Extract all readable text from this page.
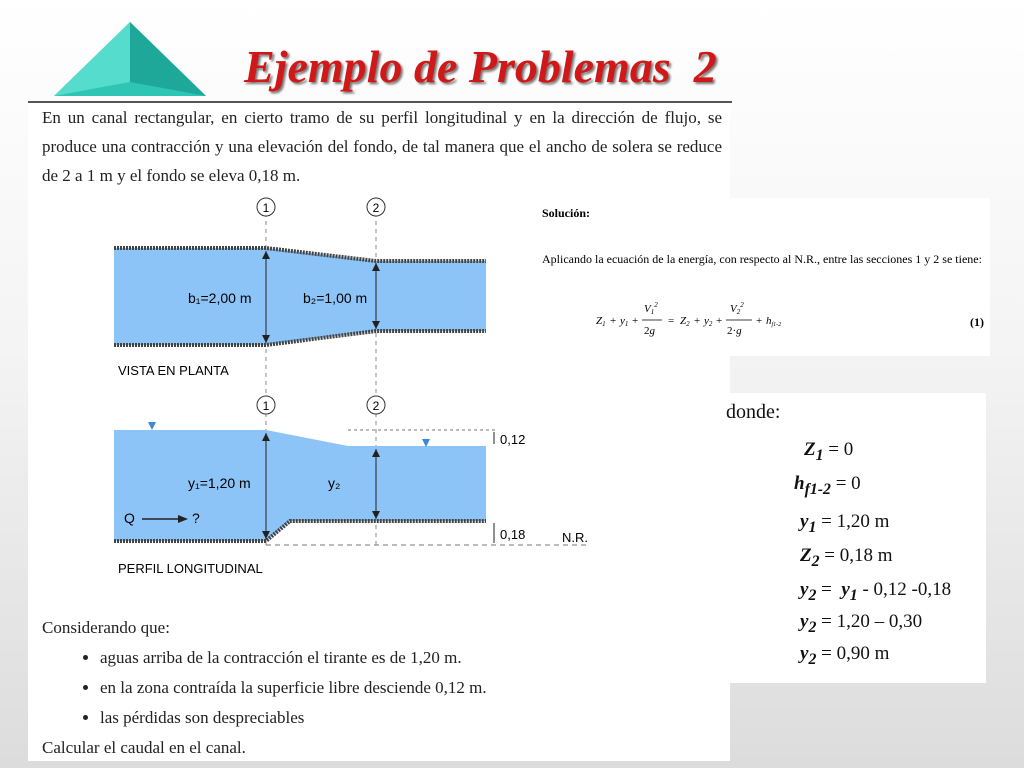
Ejemplo de Problemas  2

En un canal rectangular, en cierto tramo de su perfil longitudinal y en la dirección de flujo, se produce una contracción y una elevación del fondo, de tal manera que el ancho de solera se reduce de 2 a 1 m y el fondo se eleva 0,18 m.

1	2
b₁=2,00 m	b₂=1,00 m
VISTA EN PLANTA
1	2
y₁=1,20 m	y₂
Q	?
0,12
0,18	N.R.
PERFIL LONGITUDINAL

Considerando que:

• aguas arriba de la contracción el tirante es de 1,20 m.
• en la zona contraída la superficie libre desciende 0,12 m.
• las pérdidas son despreciables

Calcular el caudal en el canal.

Solución:

Aplicando la ecuación de la energía, con respecto al N.R., entre las secciones 1 y 2 se tiene:

Z1 + y1 +
$V1^2$
2g
= Z2 + y2 +
$V2^2$
2·g
+ hf1-2	(1)

donde:

$Z_1 = 0$
$h_{f1-2} = 0$
$y_1 = 1,20$ m
$Z_2 = 0,18$ m
$y_2 = y_1 - 0,12$ -0,18
$y_2 = 1,20 - 0,30$
$y_2 = 0,90$ m
